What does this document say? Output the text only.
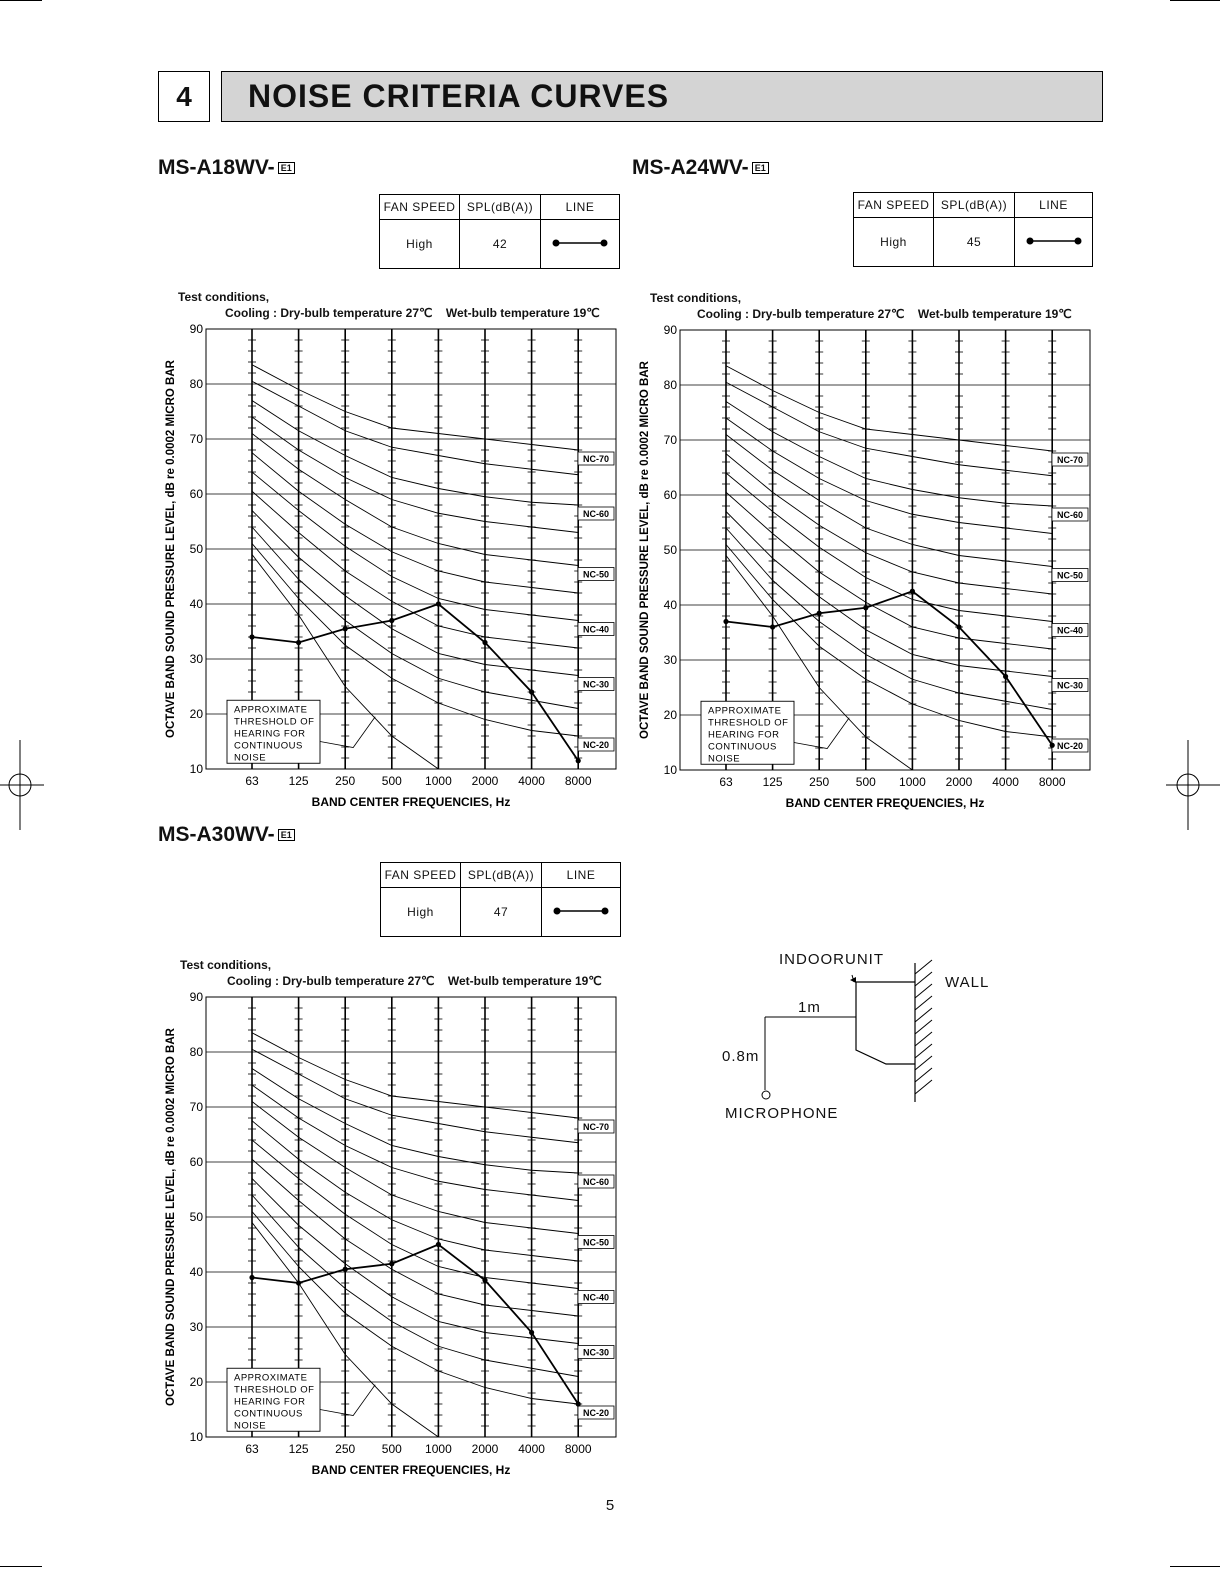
4	NOISE CRITERIA CURVES
MS-A18WV- E1
FAN SPEED	SPL(dB(A))	LINE
High	42	
Test conditions,
Cooling : Dry-bulb temperature 27℃    Wet-bulb temperature 19℃
10
20
30
40
50
60
70
80
90
63 125 250 500 1000 2000 4000 8000
NC-70
NC-60
NC-50
NC-40
NC-30
NC-20
APPROXIMATE
THRESHOLD OF
HEARING FOR
CONTINUOUS
NOISE
BAND CENTER FREQUENCIES, Hz
OCTAVE BAND SOUND PRESSURE LEVEL, dB re 0.0002 MICRO BAR
MS-A24WV- E1
FAN SPEED	SPL(dB(A))	LINE
High	45	
Test conditions,
Cooling : Dry-bulb temperature 27℃    Wet-bulb temperature 19℃
10
20
30
40
50
60
70
80
90
63 125 250 500 1000 2000 4000 8000
NC-70
NC-60
NC-50
NC-40
NC-30
NC-20
APPROXIMATE
THRESHOLD OF
HEARING FOR
CONTINUOUS
NOISE
BAND CENTER FREQUENCIES, Hz
OCTAVE BAND SOUND PRESSURE LEVEL, dB re 0.0002 MICRO BAR
MS-A30WV- E1
FAN SPEED	SPL(dB(A))	LINE
High	47	
Test conditions,
Cooling : Dry-bulb temperature 27℃    Wet-bulb temperature 19℃
10
20
30
40
50
60
70
80
90
63 125 250 500 1000 2000 4000 8000
NC-70
NC-60
NC-50
NC-40
NC-30
NC-20
APPROXIMATE
THRESHOLD OF
HEARING FOR
CONTINUOUS
NOISE
BAND CENTER FREQUENCIES, Hz
OCTAVE BAND SOUND PRESSURE LEVEL, dB re 0.0002 MICRO BAR
INDOORUNIT
WALL
1m
0.8m
MICROPHONE
5
